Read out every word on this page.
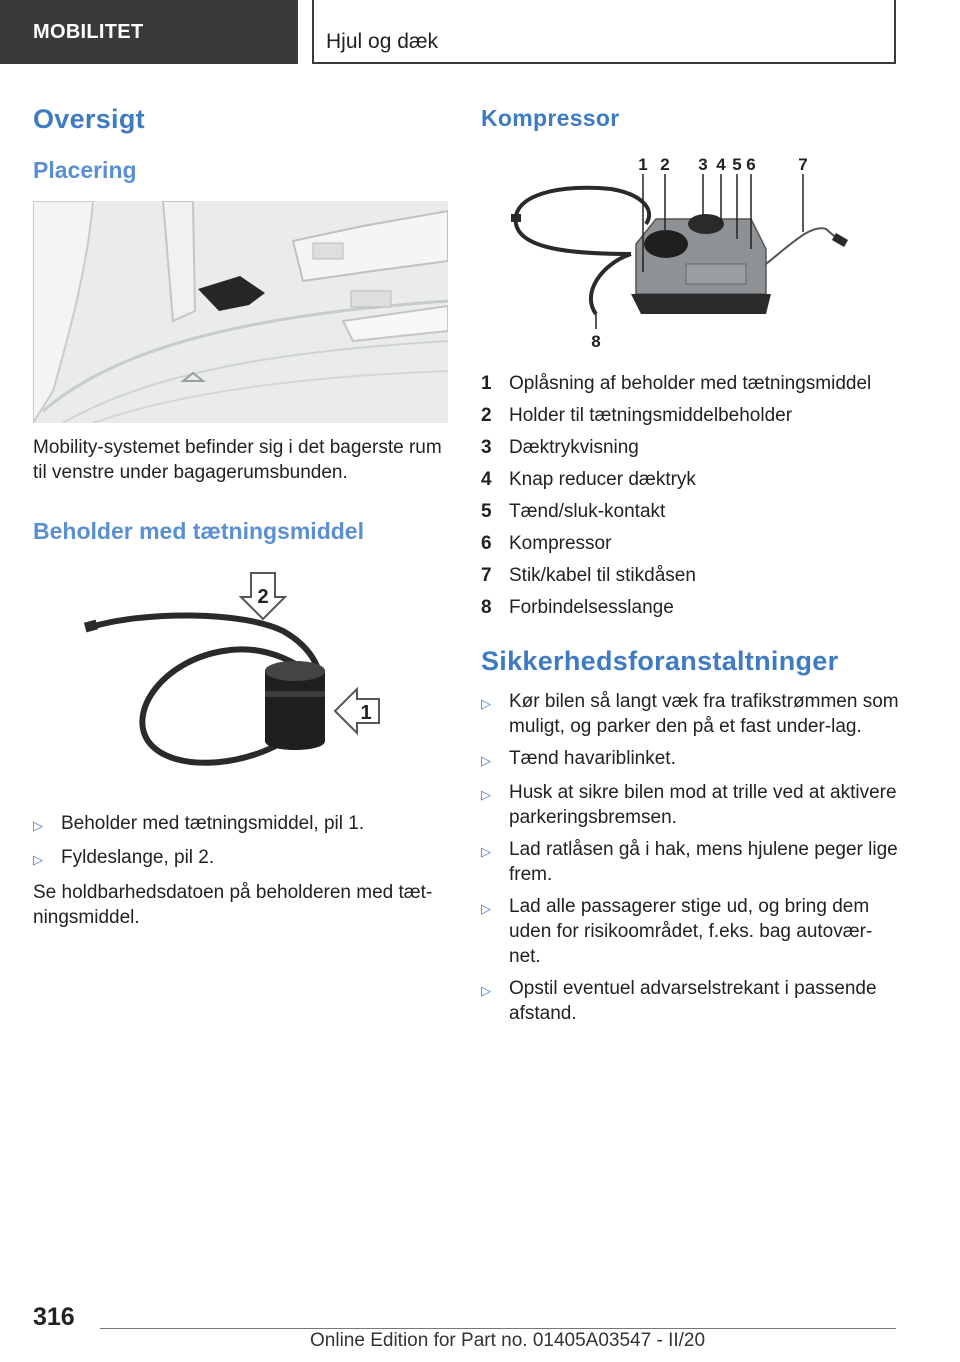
MOBILITET	Hjul og dæk
Oversigt
Placering

Mobility-systemet befinder sig i det bagerste rum til venstre under bagagerumsbunden.

Beholder med tætningsmiddel
2
1
▷ Beholder med tætningsmiddel, pil 1.
▷ Fyldeslange, pil 2.

Se holdbarhedsdatoen på beholderen med tæt‐ningsmiddel.

Kompressor
1 2 3 4 5 6	7
8
1 Oplåsning af beholder med tætningsmiddel
2 Holder til tætningsmiddelbeholder
3 Dæktrykvisning
4 Knap reducer dæktryk
5 Tænd/sluk-kontakt
6 Kompressor
7 Stik/kabel til stikdåsen
8 Forbindelsesslange
Sikkerhedsforanstaltninger
▷ Kør bilen så langt væk fra trafikstrømmen som muligt, og parker den på et fast under‐lag.
▷ Tænd havariblinket.
▷ Husk at sikre bilen mod at trille ved at aktivere parkeringsbremsen.
▷ Lad ratlåsen gå i hak, mens hjulene peger lige frem.
▷ Lad alle passagerer stige ud, og bring dem uden for risikoområdet, f.eks. bag autovær‐net.
▷ Opstil eventuel advarselstrekant i passende afstand.
316
Online Edition for Part no. 01405A03547 - II/20
